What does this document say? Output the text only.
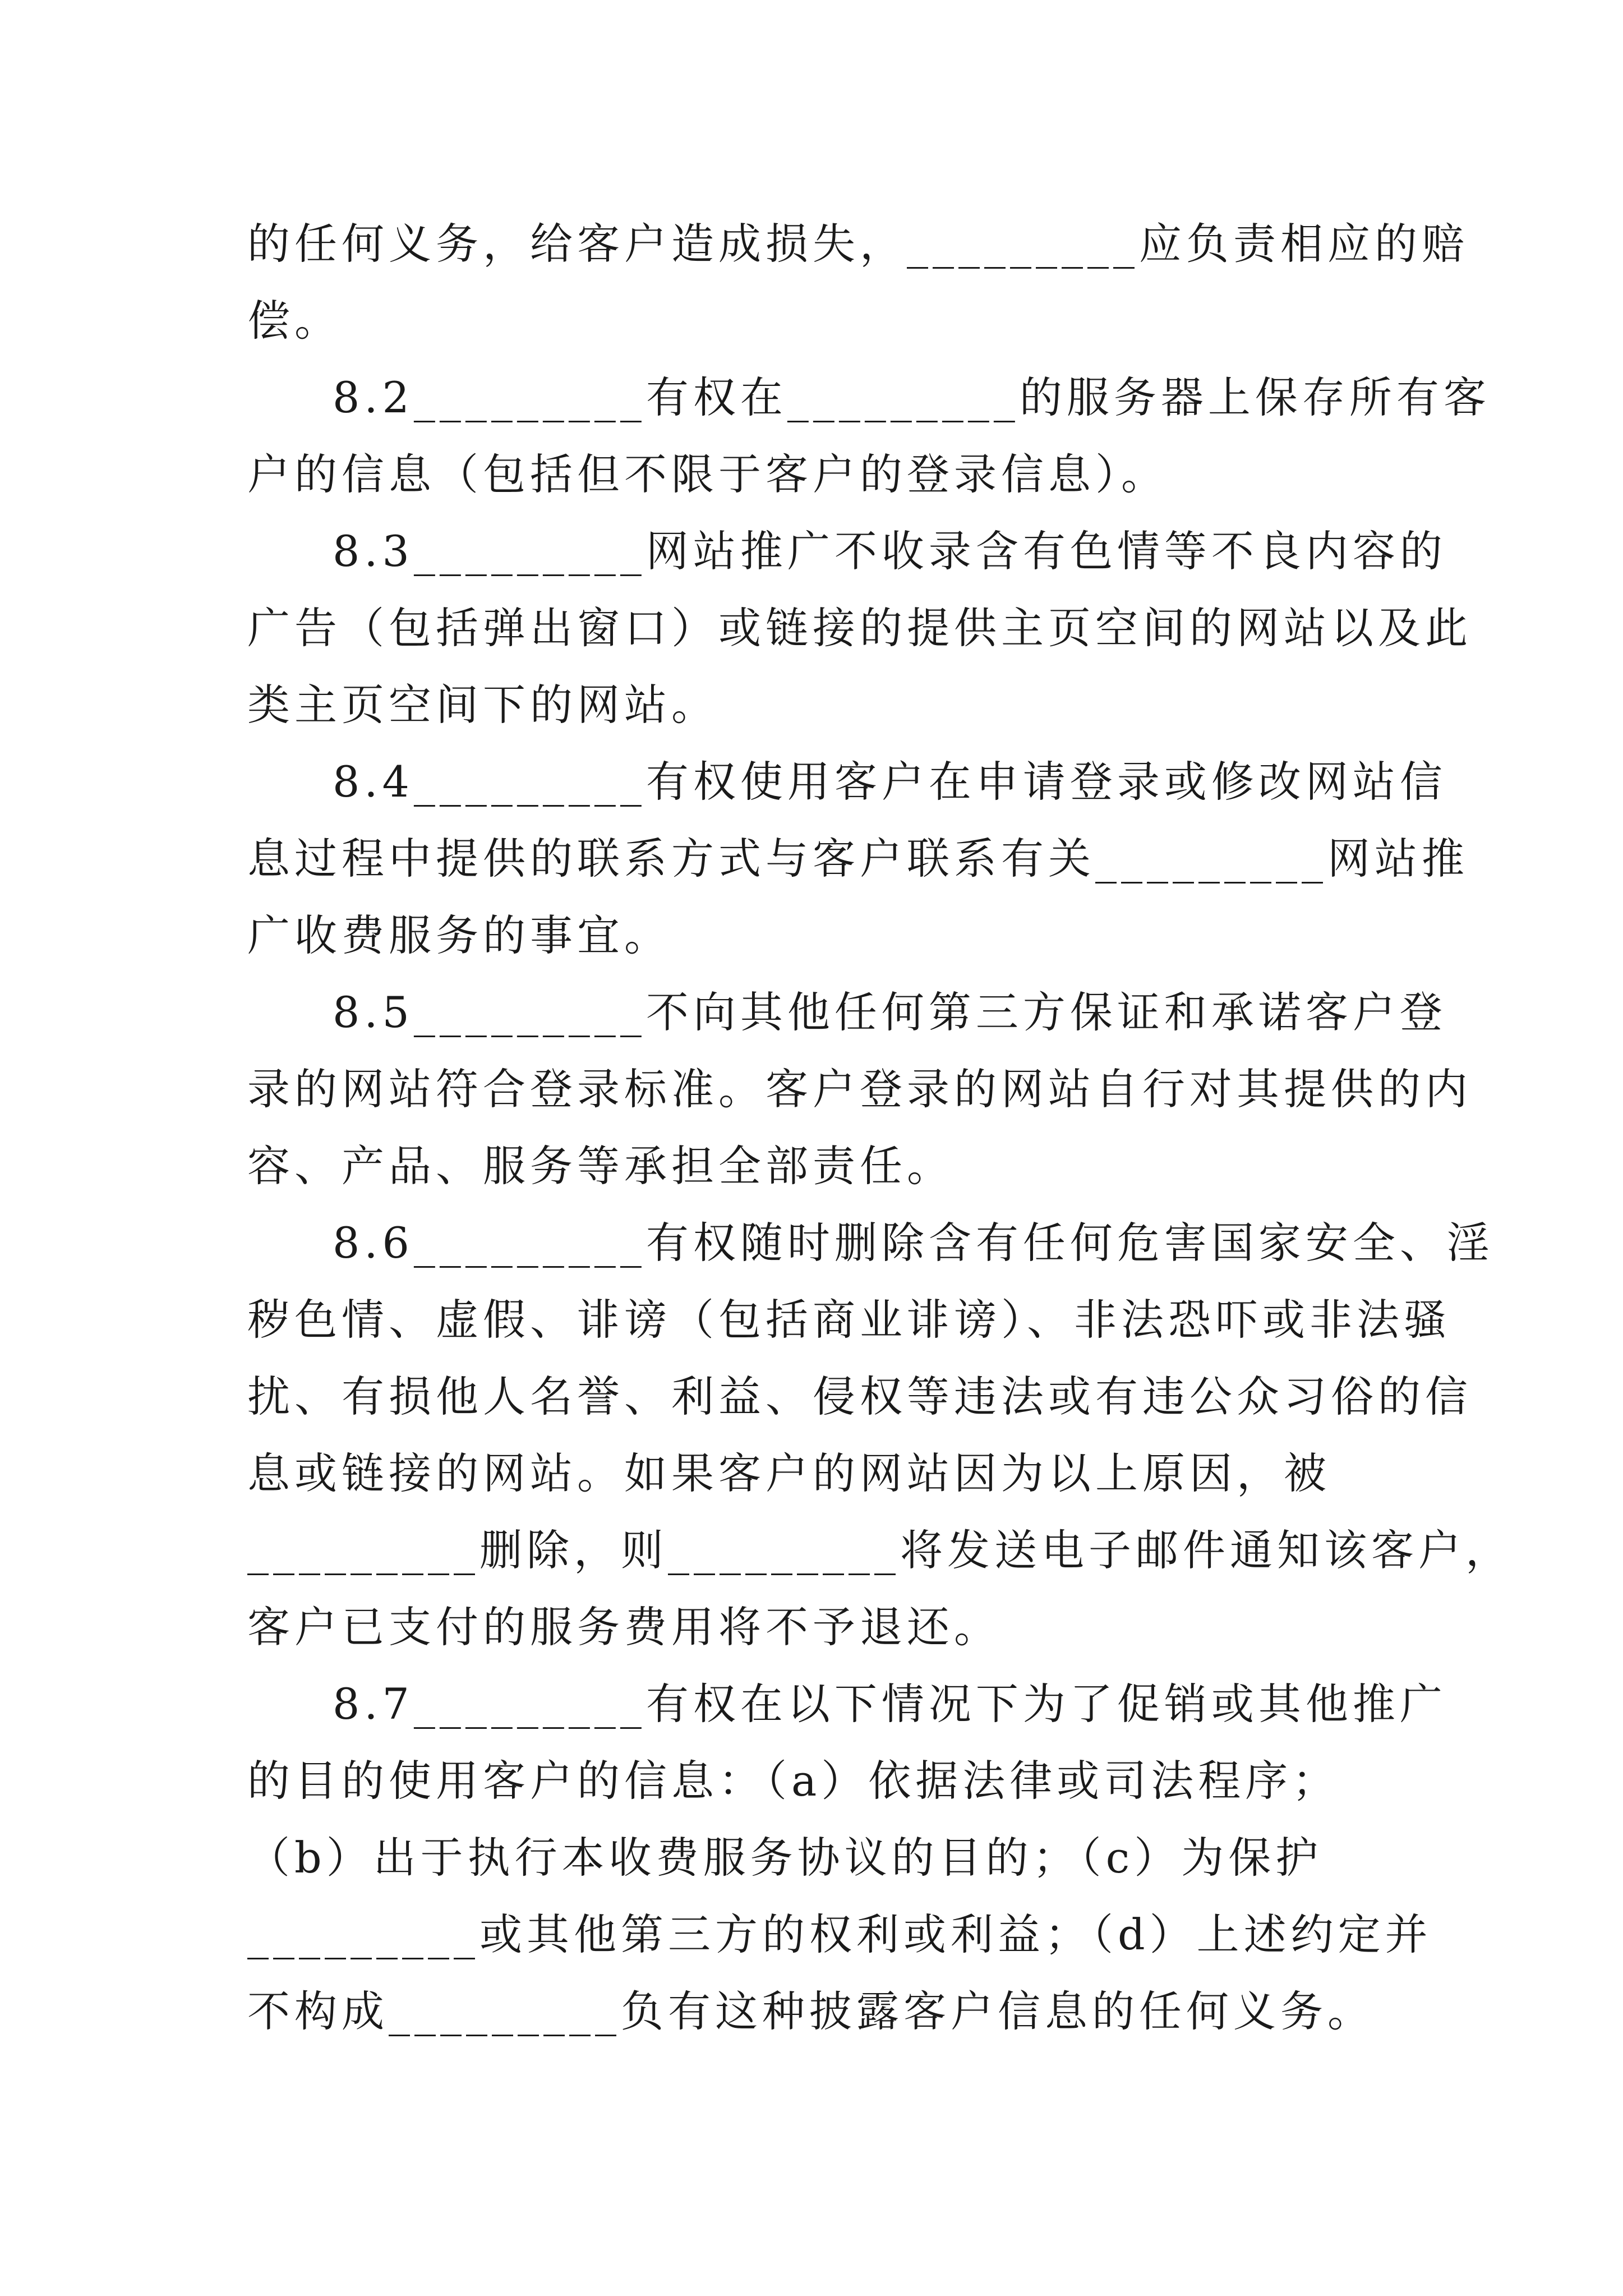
的任何义务，给客户造成损失，_________应负责相应的赔
偿。

8.2_________有权在_________的服务器上保存所有客
户的信息（包括但不限于客户的登录信息）。

8.3_________网站推广不收录含有色情等不良内容的
广告（包括弹出窗口）或链接的提供主页空间的网站以及此
类主页空间下的网站。

8.4_________有权使用客户在申请登录或修改网站信
息过程中提供的联系方式与客户联系有关_________网站推
广收费服务的事宜。

8.5_________不向其他任何第三方保证和承诺客户登
录的网站符合登录标准。客户登录的网站自行对其提供的内
容、产品、服务等承担全部责任。

8.6_________有权随时删除含有任何危害国家安全、淫
秽色情、虚假、诽谤（包括商业诽谤）、非法恐吓或非法骚
扰、有损他人名誉、利益、侵权等违法或有违公众习俗的信
息或链接的网站。如果客户的网站因为以上原因，被
_________删除，则_________将发送电子邮件通知该客户，
客户已支付的服务费用将不予退还。

8.7_________有权在以下情况下为了促销或其他推广
的目的使用客户的信息：（a）依据法律或司法程序；
（b）出于执行本收费服务协议的目的；（c）为保护
_________或其他第三方的权利或利益；（d）上述约定并
不构成_________负有这种披露客户信息的任何义务。
